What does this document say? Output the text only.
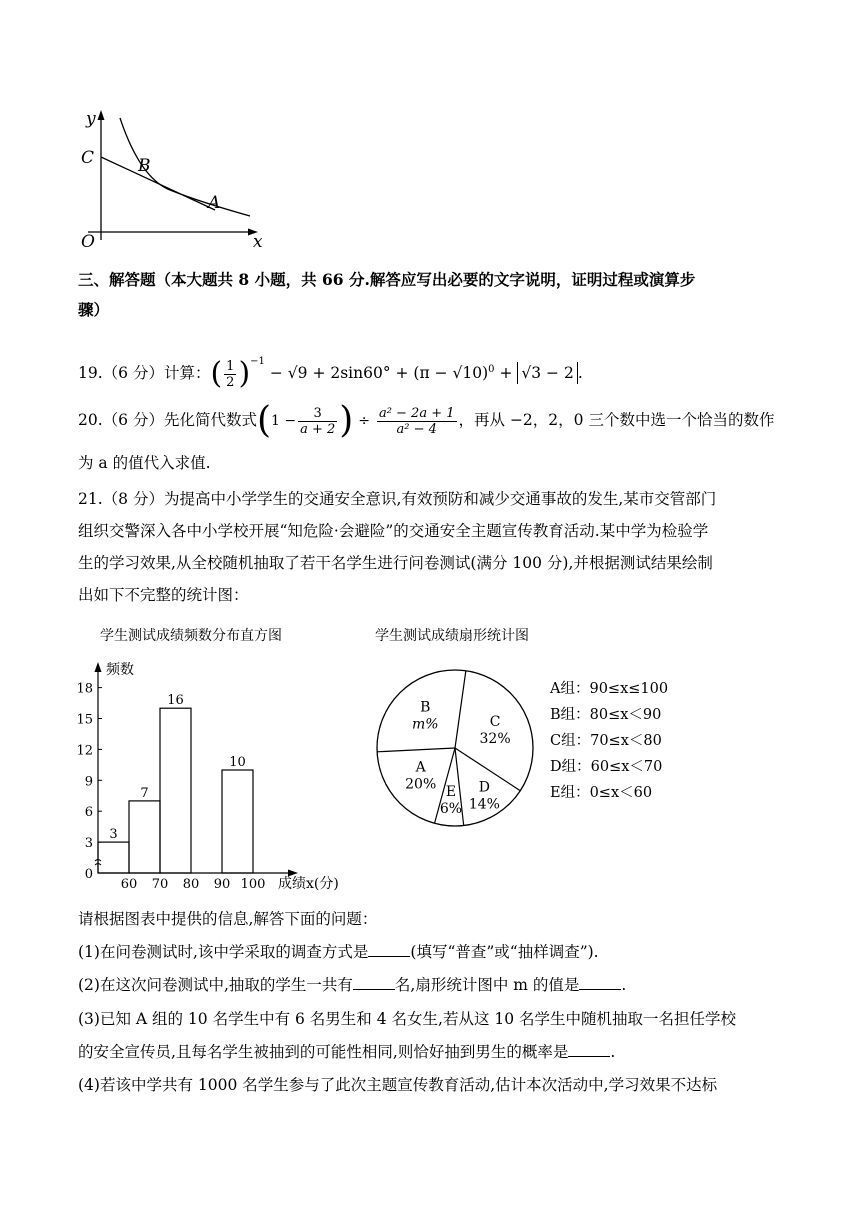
y
x
O
C	B
A
三、解答题（本大题共 8 小题，共 66 分.解答应写出必要的文字说明，证明过程或演算步
骤）
19.（6 分）计算：( $\frac{1}{2} )^{-1} - √9 + 2\sin 60^\circ + (\pi - √10)^0 + √3 - 2$ .
20.（6 分）先化简代数式($1 - \frac{3}{a + 2}$ ) ÷ $\frac{\text{a² − 2a + 1}}{\text{a² − 4}}$ ，再从 −2，2，0 三个数中选一个恰当的数作
为 a 的值代入求值.
21.（8 分）为提高中小学学生的交通安全意识,有效预防和减少交通事故的发生,某市交管部门
组织交警深入各中小学校开展“知危险·会避险”的交通安全主题宣传教育活动.某中学为检验学
生的学习效果,从全校随机抽取了若干名学生进行问卷测试(满分 100 分),并根据测试结果绘制
出如下不完整的统计图：
学生测试成绩频数分布直方图
频数
成绩x(分)
0
3
6
9
12
15
18
60 70 80 90 100
3
7
16
10
学生测试成绩扇形统计图
C
32%
D
14%
E
6%
A
20%
B
m%
A组：90≤x≤100
B组：80≤x＜90
C组：70≤x＜80
D组：60≤x＜70
E组：0≤x＜60
请根据图表中提供的信息,解答下面的问题：
(1)在问卷测试时,该中学采取的调查方式是	(填写“普查”或“抽样调查”).
(2)在这次问卷测试中,抽取的学生一共有	名,扇形统计图中 m 的值是	.
(3)已知 A 组的 10 名学生中有 6 名男生和 4 名女生,若从这 10 名学生中随机抽取一名担任学校
的安全宣传员,且每名学生被抽到的可能性相同,则恰好抽到男生的概率是	.
(4)若该中学共有 1000 名学生参与了此次主题宣传教育活动,估计本次活动中,学习效果不达标
